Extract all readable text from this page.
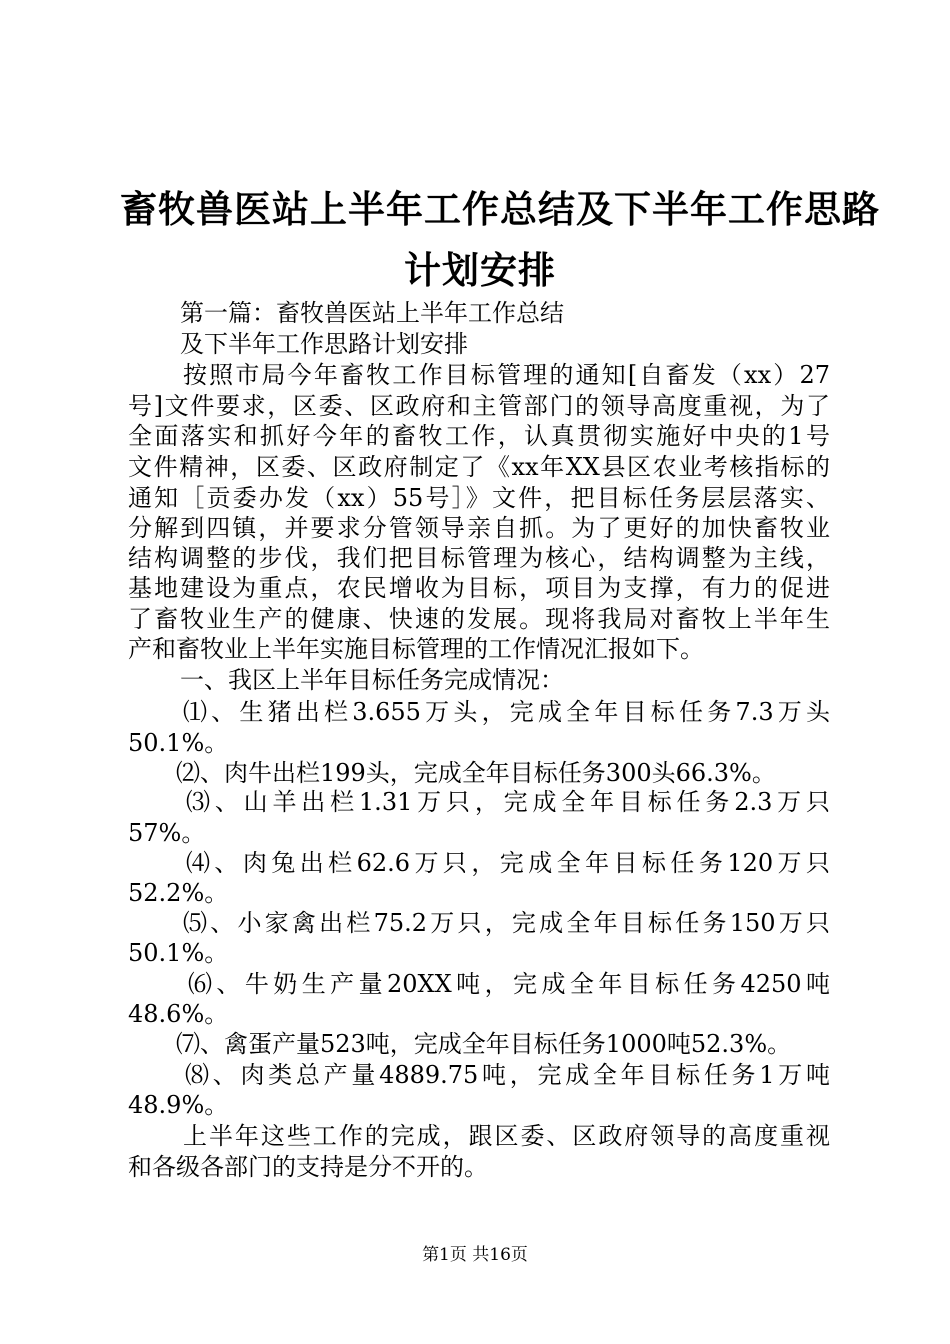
畜牧兽医站上半年工作总结及下半年工作思路
计划安排
第一篇：畜牧兽医站上半年工作总结
及下半年工作思路计划安排
按照市局今年畜牧工作目标管理的通知[自畜发（xx）27
号]文件要求，区委、区政府和主管部门的领导高度重视，为了
全面落实和抓好今年的畜牧工作，认真贯彻实施好中央的1号
文件精神，区委、区政府制定了《xx年XX县区农业考核指标的
通知［贡委办发（xx）55号］》文件，把目标任务层层落实、
分解到四镇，并要求分管领导亲自抓。为了更好的加快畜牧业
结构调整的步伐，我们把目标管理为核心，结构调整为主线，
基地建设为重点，农民增收为目标，项目为支撑，有力的促进
了畜牧业生产的健康、快速的发展。现将我局对畜牧上半年生
产和畜牧业上半年实施目标管理的工作情况汇报如下。
一、我区上半年目标任务完成情况：
⑴、生猪出栏3.655万头，完成全年目标任务7.3万头
50.1%。
⑵、肉牛出栏199头，完成全年目标任务300头66.3%。
⑶、山羊出栏1.31万只，完成全年目标任务2.3万只
57%。
⑷、肉兔出栏62.6万只，完成全年目标任务120万只
52.2%。
⑸、小家禽出栏75.2万只，完成全年目标任务150万只
50.1%。
⑹、牛奶生产量20XX吨，完成全年目标任务4250吨
48.6%。
⑺、禽蛋产量523吨，完成全年目标任务1000吨52.3%。
⑻、肉类总产量4889.75吨，完成全年目标任务1万吨
48.9%。
上半年这些工作的完成，跟区委、区政府领导的高度重视
和各级各部门的支持是分不开的。
第1页 共16页
